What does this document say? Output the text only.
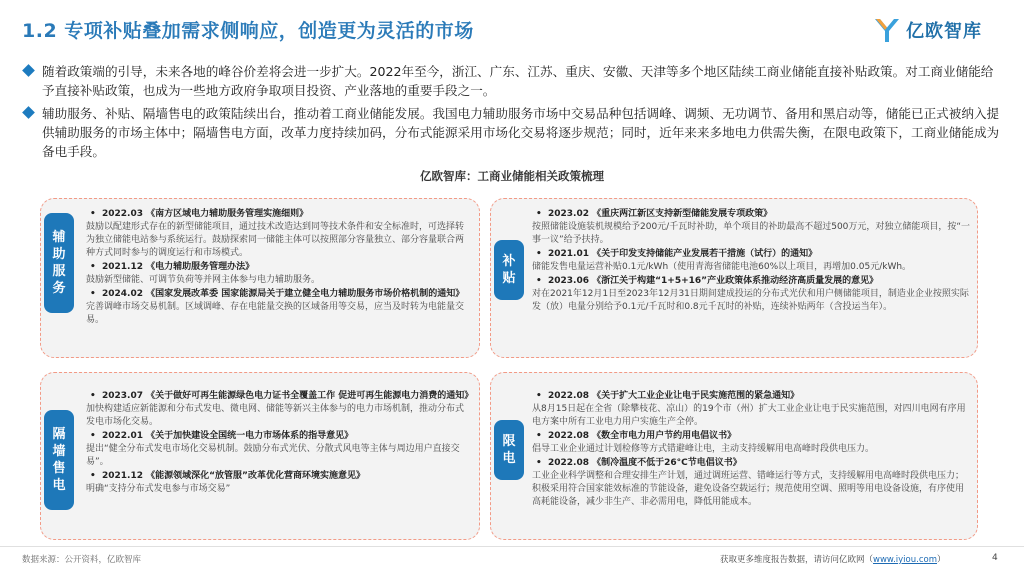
1.2 专项补贴叠加需求侧响应，创造更为灵活的市场	亿欧智库
随着政策端的引导，未来各地的峰谷价差将会进一步扩大。2022年至今，浙江、广东、江苏、重庆、安徽、天津等多个地区陆续工商业储能直接补贴政策。对工商业储能给予直接补贴政策，也成为一些地方政府争取项目投资、产业落地的重要手段之一。
辅助服务、补贴、隔墙售电的政策陆续出台，推动着工商业储能发展。我国电力辅助服务市场中交易品种包括调峰、调频、无功调节、备用和黑启动等，储能已正式被纳入提供辅助服务的市场主体中；隔墙售电方面，改革力度持续加码，分布式能源采用市场化交易将逐步规范；同时，近年来来多地电力供需失衡，在限电政策下，工商业储能成为备电手段。
亿欧智库：工商业储能相关政策梳理
辅助服务
• 2022.03 《南方区域电力辅助服务管理实施细则》
鼓励以配建形式存在的新型储能项目，通过技术改造达到同等技术条件和安全标准时，可选择转为独立储能电站参与系统运行。鼓励探索同一储能主体可以按照部分容量独立、部分容量联合两种方式同时参与的调度运行和市场模式。
• 2021.12 《电力辅助服务管理办法》
鼓励新型储能、可调节负荷等并网主体参与电力辅助服务。
• 2024.02 《国家发展改革委 国家能源局关于建立健全电力辅助服务市场价格机制的通知》
完善调峰市场交易机制。区域调峰、存在电能量交换的区域备用等交易，应当及时转为电能量交易。
补贴
• 2023.02 《重庆两江新区支持新型储能发展专项政策》
按照储能设施装机规模给予200元/千瓦时补助，单个项目的补助最高不超过500万元，对独立储能项目，按“一事一议”给予扶持。
• 2021.01 《关于印发支持储能产业发展若干措施（试行）的通知》
储能发售电量运营补贴0.1元/kWh（使用青海省储能电池60%以上项目，再增加0.05元/kWh。
• 2023.06 《浙江关于构建“1+5+16”产业政策体系推动经济高质量发展的意见》
对在2021年12月1日至2023年12月31日期间建成投运的分布式光伏和用户侧储能项目，制造业企业按照实际发（放）电量分别给予0.1元/千瓦时和0.8元千瓦时的补贴，连续补贴两年（含投运当年）。
隔墙售电
• 2023.07 《关于做好可再生能源绿色电力证书全覆盖工作 促进可再生能源电力消费的通知》
加快构建适应新能源和分布式发电、微电网、储能等新兴主体参与的电力市场机制，推动分布式发电市场化交易。
• 2022.01 《关于加快建设全国统一电力市场体系的指导意见》
提出“健全分布式发电市场化交易机制。鼓励分布式光伏、分散式风电等主体与周边用户直接交易”。
• 2021.12 《能源领域深化“放管服”改革优化营商环境实施意见》
明确“支持分布式发电参与市场交易”
限电
• 2022.08 《关于扩大工业企业让电于民实施范围的紧急通知》
从8月15日起在全省（除攀枝花、凉山）的19个市（州）扩大工业企业让电于民实施范围，对四川电网有序用电方案中所有工业电力用户实施生产全停。
• 2022.08 《数全市电力用户节约用电倡议书》
倡导工业企业通过计划检修等方式错避峰让电，主动支持缓解用电高峰时段供电压力。
• 2022.08 《制冷温度不低于26°C节电倡议书》
工业企业科学调整和合理安排生产计划，通过调班运营、错峰运行等方式，支持缓解用电高峰时段供电压力；积极采用符合国家能效标准的节能设备，避免设备空载运行；规范使用空调、照明等用电设备设施，有序使用高耗能设备，减少非生产、非必需用电，降低用能成本。
数据来源：公开资料，亿欧智库	获取更多维度报告数据，请访问亿欧网（www.iyiou.com）	4
